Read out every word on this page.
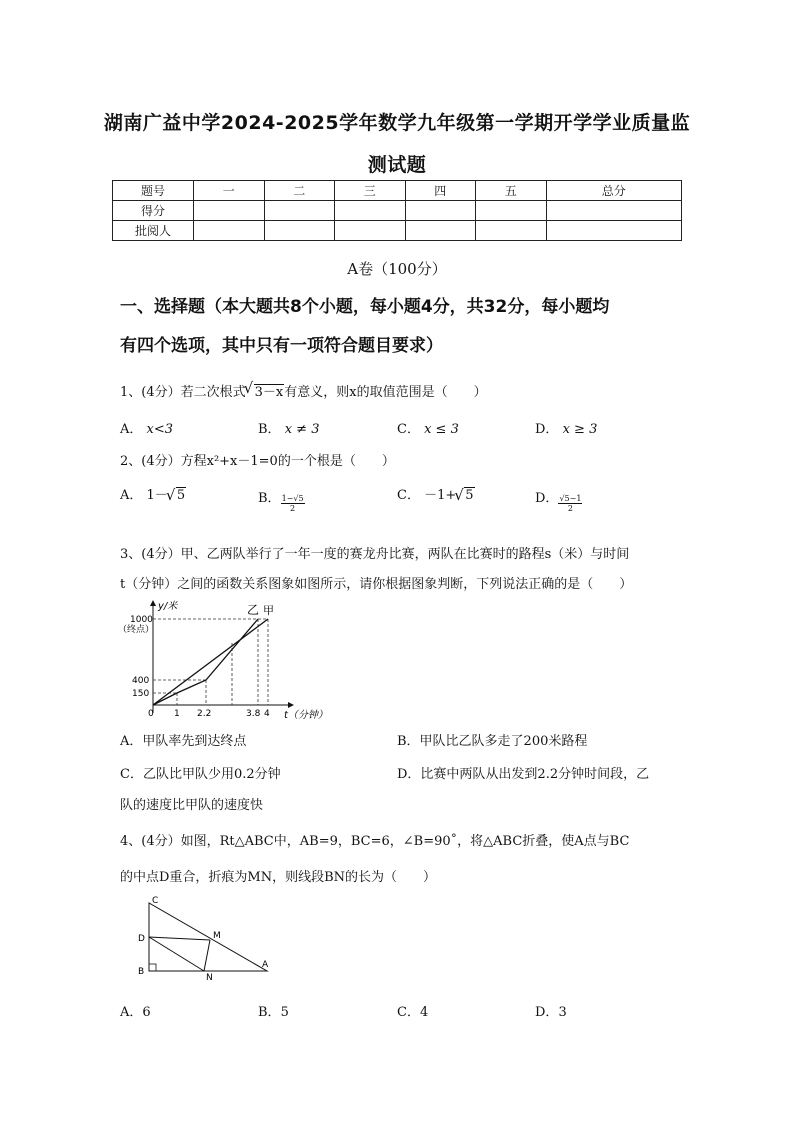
湖南广益中学2024-2025学年数学九年级第一学期开学学业质量监
测试题
题号	一	二	三	四	五	总分
得分						
批阅人						
A卷（100分）
一、选择题（本大题共8个小题，每小题4分，共32分，每小题均
有四个选项，其中只有一项符合题目要求）
1、(4分）若二次根式 √ 3－x有意义，则x的取值范围是（　　）
A． x<3	B． x ≠ 3	C． x ≤ 3	D． x ≥ 3
2、(4分）方程x²+x－1=0的一个根是（　　）
A． 1－ √ 5	B． $\frac{1-√5}{2}$	C． －1+ √ 5	D． $\frac{√5-1}{2}$
3、(4分）甲、乙两队举行了一年一度的赛龙舟比赛，两队在比赛时的路程s（米）与时间
t（分钟）之间的函数关系图象如图所示，请你根据图象判断，下列说法正确的是（　　）
y/米
1000
（终点）
400
150
0 1 2.2	3.8 4 t（分钟）
乙 甲
A．甲队率先到达终点	B．甲队比乙队多走了200米路程
C．乙队比甲队少用0.2分钟	D．比赛中两队从出发到2.2分钟时间段，乙
队的速度比甲队的速度快
4、(4分）如图，Rt△ABC中，AB=9，BC=6，∠B=90˚，将△ABC折叠，使A点与BC
的中点D重合，折痕为MN，则线段BN的长为（　　）
C
D	M
B
N
A
A．6	B．5	C．4	D．3
